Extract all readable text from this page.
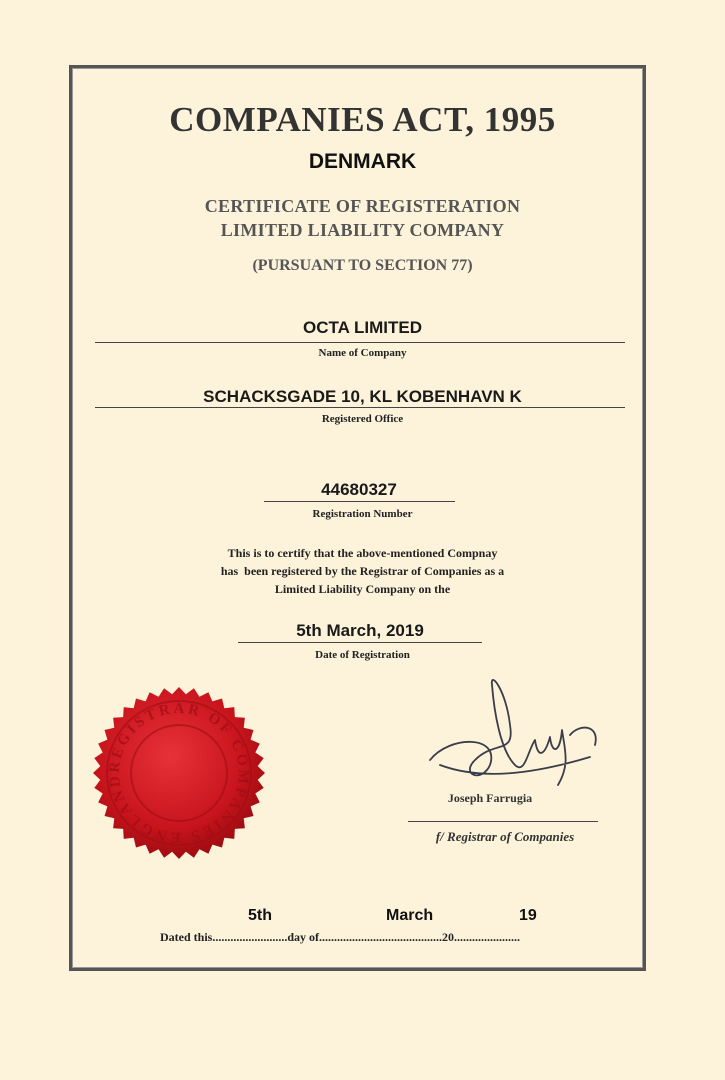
COMPANIES ACT, 1995
DENMARK
CERTIFICATE OF REGISTERATION
LIMITED LIABILITY COMPANY
(PURSUANT TO SECTION 77)
OCTA LIMITED
Name of Company
SCHACKSGADE 10, KL KOBENHAVN K
Registered Office
44680327
Registration Number
This is to certify that the above-mentioned Compnay
has  been registered by the Registrar of Companies as a
Limited Liability Company on the
5th March, 2019
Date of Registration
REGISTRAR OF COMPANIES ENGLAND
Joseph Farrugia
f/ Registrar of Companies
5th	March	19
Dated this.........................day of.........................................20......................
